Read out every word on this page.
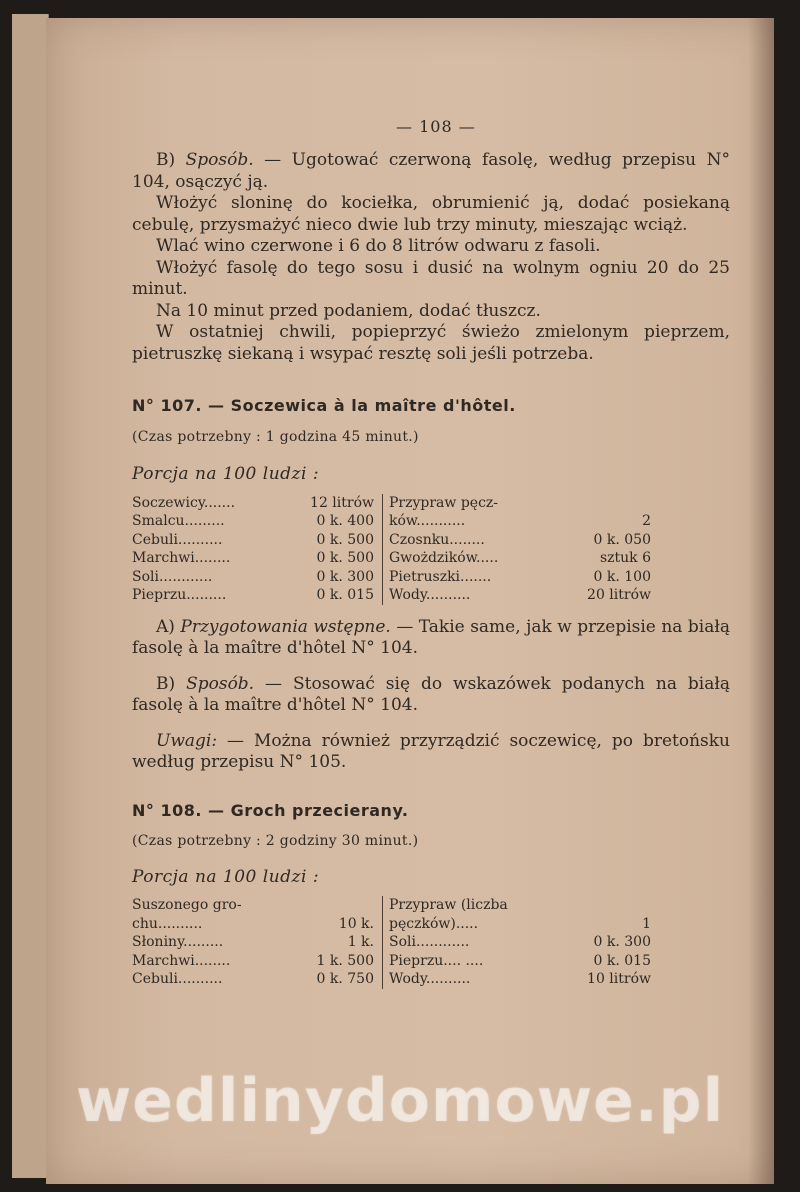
— 108 —

B) Sposób. — Ugotować czerwoną fasolę, według przepisu N° 104, osączyć ją.

Włożyć sloninę do kociełka, obrumienić ją, dodać posiekaną cebulę, przysmażyć nieco dwie lub trzy minuty, mieszając wciąż.

Wlać wino czerwone i 6 do 8 litrów odwaru z fasoli.

Włożyć fasolę do tego sosu i dusić na wolnym ogniu 20 do 25 minut.

Na 10 minut przed podaniem, dodać tłuszcz.

W ostatniej chwili, popieprzyć świeżo zmielonym pieprzem, pietruszkę siekaną i wsypać resztę soli jeśli potrzeba.

N° 107. — Soczewica à la maître d'hôtel.

(Czas potrzebny : 1 godzina 45 minut.)

Porcja na 100 ludzi :

Soczewicy.......	12 litrów	Przypraw pęcz-	
Smalcu.........	0 k. 400	ków...........	2
Cebuli..........	0 k. 500	Czosnku........	0 k. 050
Marchwi........	0 k. 500	Gwożdzików.....	sztuk 6
Soli............	0 k. 300	Pietruszki.......	0 k. 100
Pieprzu.........	0 k. 015	Wody..........	20 litrów

A) Przygotowania wstępne. — Takie same, jak w przepisie na białą fasolę à la maître d'hôtel N° 104.

B) Sposób. — Stosować się do wskazówek podanych na białą fasolę à la maître d'hôtel N° 104.

Uwagi: — Można również przyrządzić soczewicę, po bretońsku według przepisu N° 105.

N° 108. — Groch przecierany.

(Czas potrzebny : 2 godziny 30 minut.)

Porcja na 100 ludzi :

Suszonego gro-		Przypraw (liczba	
chu..........	10 k.	pęczków).....	1
Słoniny.........	1 k.	Soli............	0 k. 300
Marchwi........	1 k. 500	Pieprzu.... ....	0 k. 015
Cebuli..........	0 k. 750	Wody..........	10 litrów
wedlinydomowe.pl
